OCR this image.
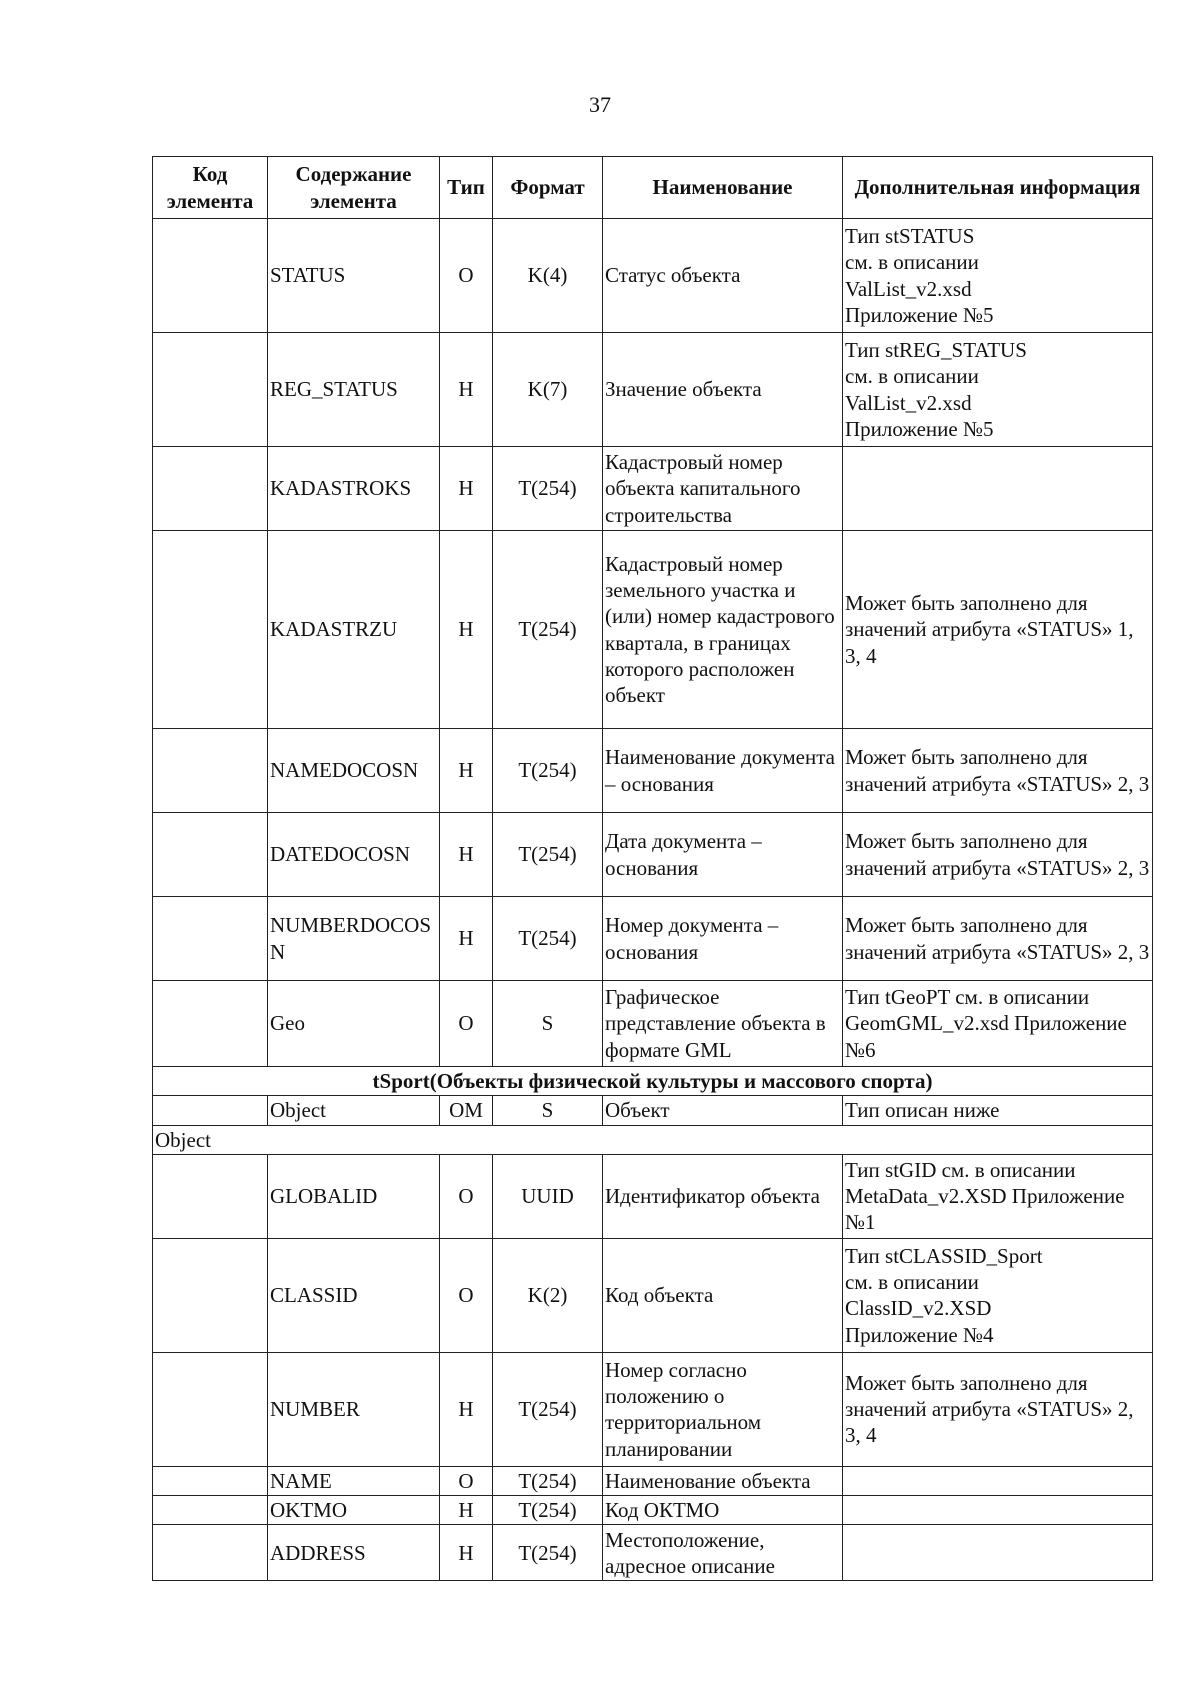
37
Код элемента	Содержание элемента	Тип	Формат	Наименование	Дополнительная информация
	STATUS	О	K(4)	Статус объекта	Тип stSTATUS
см. в описании
ValList_v2.xsd
Приложение №5
	REG_STATUS	Н	K(7)	Значение объекта	Тип stREG_STATUS
см. в описании
ValList_v2.xsd
Приложение №5
	KADASTROKS	Н	T(254)	Кадастровый номер объекта капитального строительства	
	KADASTRZU	Н	T(254)	Кадастровый номер земельного участка и (или) номер кадастрового квартала, в границах которого расположен объект	Может быть заполнено для значений атрибута «STATUS» 1, 3, 4
	NAMEDOCOSN	Н	T(254)	Наименование документа – основания	Может быть заполнено для значений атрибута «STATUS» 2, 3
	DATEDOCOSN	Н	T(254)	Дата документа – основания	Может быть заполнено для значений атрибута «STATUS» 2, 3
	NUMBERDOCOSN	Н	T(254)	Номер документа – основания	Может быть заполнено для значений атрибута «STATUS» 2, 3
	Geo	О	S	Графическое представление объекта в формате GML	Тип tGeoPT см. в описании GeomGML_v2.xsd Приложение №6
tSport(Объекты физической культуры и массового спорта)					
	Object	ОМ	S	Объект	Тип описан ниже
Object					
	GLOBALID	О	UUID	Идентификатор объекта	Тип stGID см. в описании MetaData_v2.XSD Приложение №1
	CLASSID	О	K(2)	Код объекта	Тип stCLASSID_Sport
см. в описании
ClassID_v2.XSD
Приложение №4
	NUMBER	Н	T(254)	Номер согласно положению о территориальном планировании	Может быть заполнено для значений атрибута «STATUS» 2, 3, 4
	NAME	О	T(254)	Наименование объекта	
	OKTMO	Н	T(254)	Код ОКТМО	
	ADDRESS	Н	T(254)	Местоположение, адресное описание	
